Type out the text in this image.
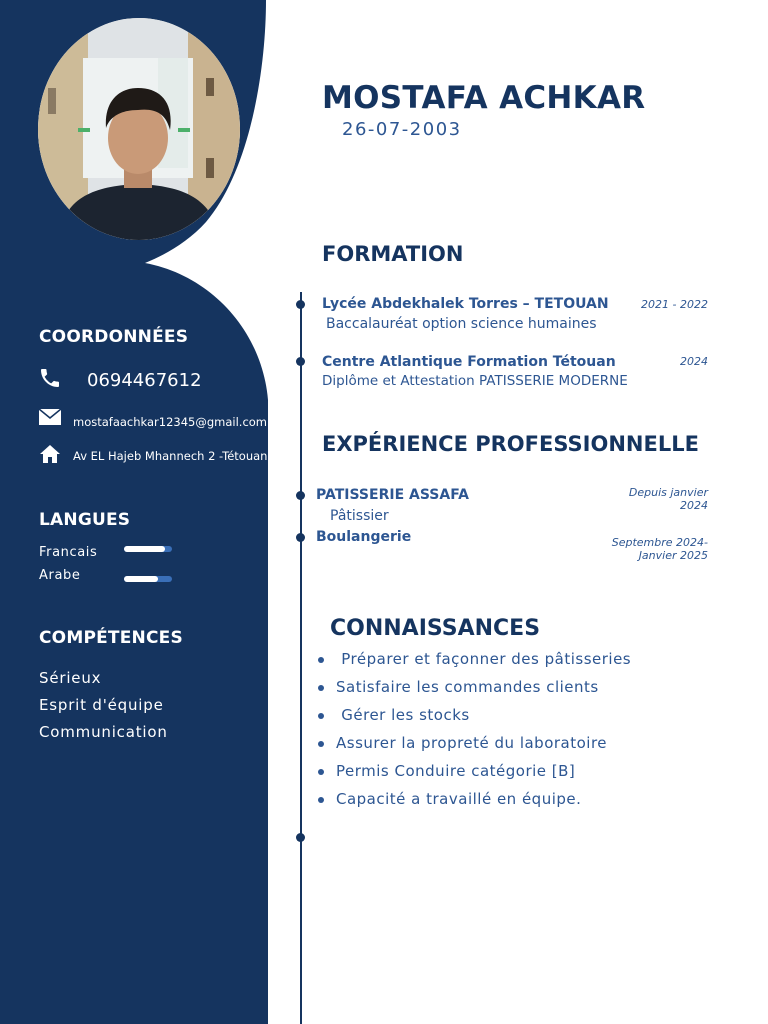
COORDONNÉES
0694467612
mostafaachkar12345@gmail.com
Av EL Hajeb Mhannech 2 -Tétouan
LANGUES
Francais
Arabe
COMPÉTENCES
Sérieux
Esprit d'équipe
Communication
MOSTAFA ACHKAR
26-07-2003
FORMATION
Lycée Abdekhalek Torres – TETOUAN	2021 - 2022
Baccalauréat option science humaines
Centre Atlantique Formation Tétouan	2024
Diplôme et Attestation PATISSERIE MODERNE
EXPÉRIENCE PROFESSIONNELLE
PATISSERIE ASSAFA
Pâtissier
Depuis janvier
2024
Boulangerie	Septembre 2024-
Janvier 2025
CONNAISSANCES
Préparer et façonner des pâtisseries
Satisfaire les commandes clients
Gérer les stocks
Assurer la propreté du laboratoire
Permis Conduire catégorie [B]
Capacité a travaillé en équipe.
